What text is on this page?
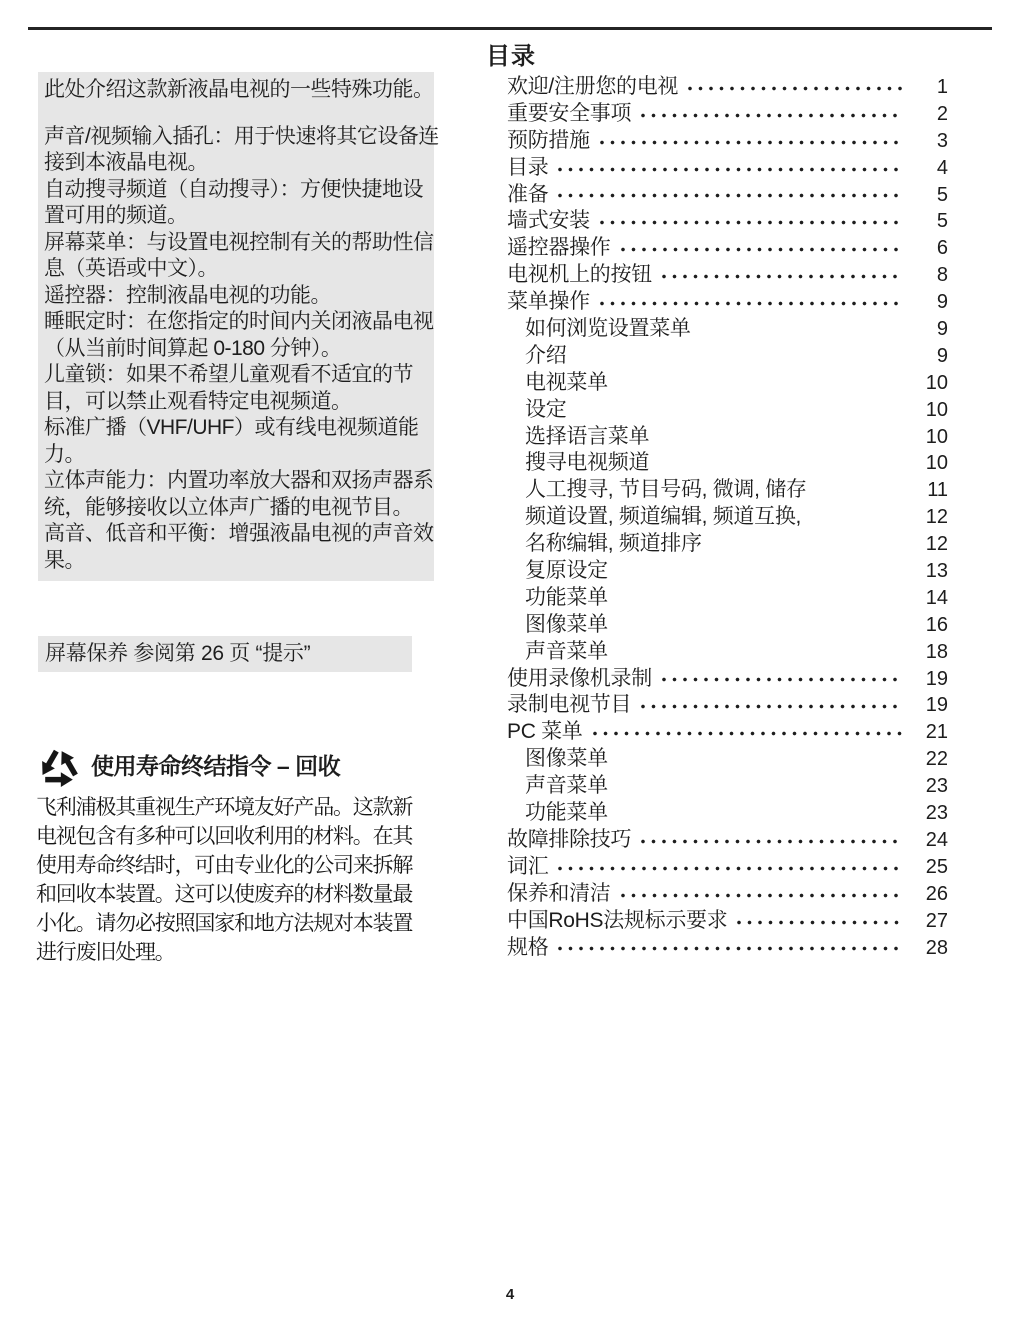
此处介绍这款新液晶电视的一些特殊功能。
声音/视频输入插孔：用于快速将其它设备连
接到本液晶电视。
自动搜寻频道（自动搜寻）：方便快捷地设
置可用的频道。
屏幕菜单：与设置电视控制有关的帮助性信
息（英语或中文）。
遥控器：控制液晶电视的功能。
睡眠定时：在您指定的时间内关闭液晶电视
（从当前时间算起 0-180 分钟）。
儿童锁：如果不希望儿童观看不适宜的节
目，可以禁止观看特定电视频道。
标准广播（VHF/UHF）或有线电视频道能
力。
立体声能力：内置功率放大器和双扬声器系
统，能够接收以立体声广播的电视节目。
高音、低音和平衡：增强液晶电视的声音效
果。
屏幕保养 参阅第 26 页 “提示”
使用寿命终结指令 – 回收
飞利浦极其重视生产环境友好产品。这款新
电视包含有多种可以回收利用的材料。在其
使用寿命终结时，可由专业化的公司来拆解
和回收本装置。这可以使废弃的材料数量最
小化。请勿必按照国家和地方法规对本装置
进行废旧处理。
目录
欢迎/注册您的电视	1
重要安全事项	2
预防措施	3
目录	4
准备	5
墙式安装	5
遥控器操作	6
电视机上的按钮	8
菜单操作	9
如何浏览设置菜单	9
介绍	9
电视菜单	10
设定	10
选择语言菜单	10
搜寻电视频道	10
人工搜寻, 节目号码, 微调, 储存	11
频道设置, 频道编辑, 频道互换,	12
名称编辑, 频道排序	12
复原设定	13
功能菜单	14
图像菜单	16
声音菜单	18
使用录像机录制	19
录制电视节目	19
PC 菜单	21
图像菜单	22
声音菜单	23
功能菜单	23
故障排除技巧	24
词汇	25
保养和清洁	26
中国RoHS法规标示要求	27
规格	28
4
